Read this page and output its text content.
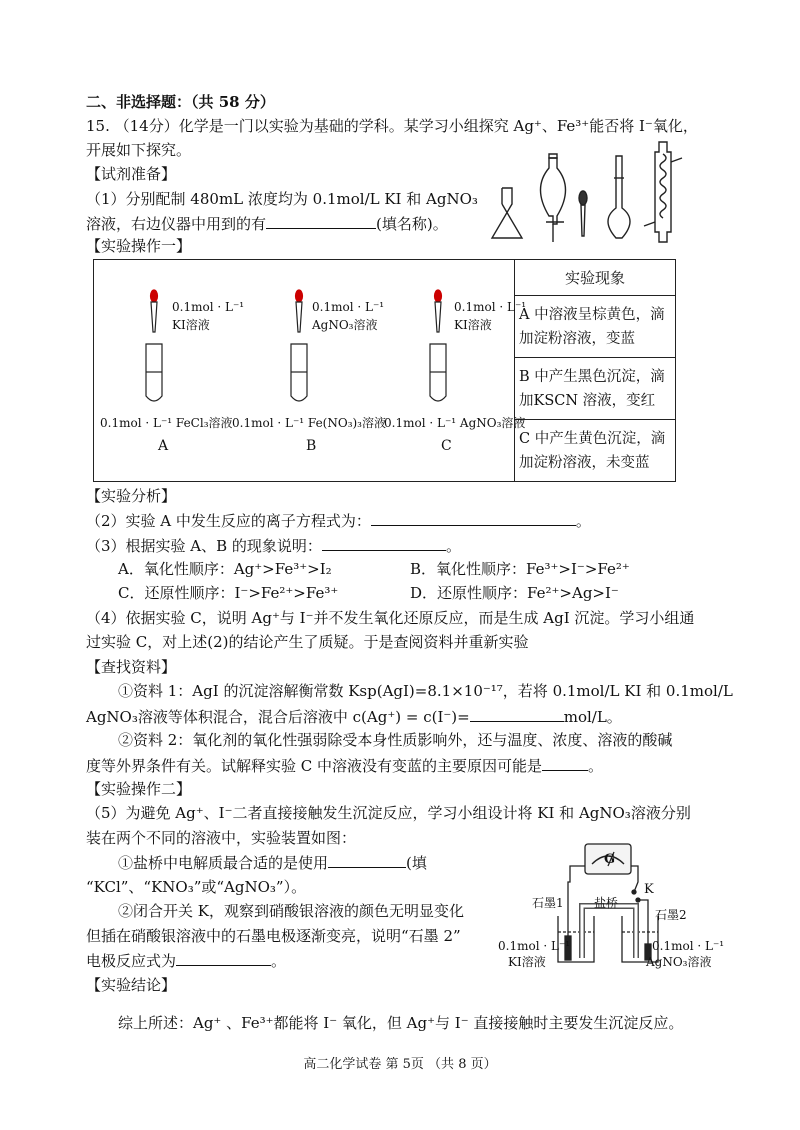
二、非选择题：（共 58 分）
15. （14分）化学是一门以实验为基础的学科。某学习小组探究 Ag⁺、Fe³⁺能否将 I⁻氧化，
开展如下探究。
【试剂准备】
（1）分别配制 480mL 浓度均为 0.1mol/L KI 和 AgNO₃
溶液，右边仪器中用到的有	(填名称)。
【实验操作一】
0.1mol · L⁻¹
KI溶液
0.1mol · L⁻¹
AgNO₃溶液
0.1mol · L⁻¹
KI溶液
0.1mol · L⁻¹ FeCl₃溶液 0.1mol · L⁻¹ Fe(NO₃)₃溶液
0.1mol · L⁻¹ AgNO₃溶液
A	B	C
	实验现象

A 中溶液呈棕黄色，滴
加淀粉溶液，变蓝

B 中产生黑色沉淀，滴
加KSCN 溶液，变红

C 中产生黄色沉淀，滴
加淀粉溶液，未变蓝
【实验分析】
（2）实验 A 中发生反应的离子方程式为：	。
（3）根据实验 A、B 的现象说明：	。
A．氧化性顺序：Ag⁺>Fe³⁺>I₂	B．氧化性顺序：Fe³⁺>I⁻>Fe²⁺
C．还原性顺序：I⁻>Fe²⁺>Fe³⁺	D．还原性顺序：Fe²⁺>Ag>I⁻
（4）依据实验 C，说明 Ag⁺与 I⁻并不发生氧化还原反应，而是生成 AgI 沉淀。学习小组通
过实验 C，对上述(2)的结论产生了质疑。于是查阅资料并重新实验
【查找资料】
①资料 1：AgI 的沉淀溶解衡常数 Ksp(AgI)=8.1×10⁻¹⁷，若将 0.1mol/L KI 和 0.1mol/L
AgNO₃溶液等体积混合，混合后溶液中 c(Ag⁺) = c(I⁻)=	mol/L。
②资料 2：氧化剂的氧化性强弱除受本身性质影响外，还与温度、浓度、溶液的酸碱
度等外界条件有关。试解释实验 C 中溶液没有变蓝的主要原因可能是	。
【实验操作二】
（5）为避免 Ag⁺、I⁻二者直接接触发生沉淀反应，学习小组设计将 KI 和 AgNO₃溶液分别
装在两个不同的溶液中，实验装置如图：
①盐桥中电解质最合适的是使用	(填
“KCl”、“KNO₃”或“AgNO₃”）。
②闭合开关 K，观察到硝酸银溶液的颜色无明显变化
但插在硝酸银溶液中的石墨电极逐渐变亮，说明“石墨 2”
电极反应式为	。
G
K
石墨1
石墨2
盐桥
0.1mol · L⁻¹
KI溶液
0.1mol · L⁻¹
AgNO₃溶液
【实验结论】
综上所述：Ag⁺ 、Fe³⁺都能将 I⁻ 氧化，但 Ag⁺与 I⁻ 直接接触时主要发生沉淀反应。
高二化学试卷 第 5页 （共 8 页）
